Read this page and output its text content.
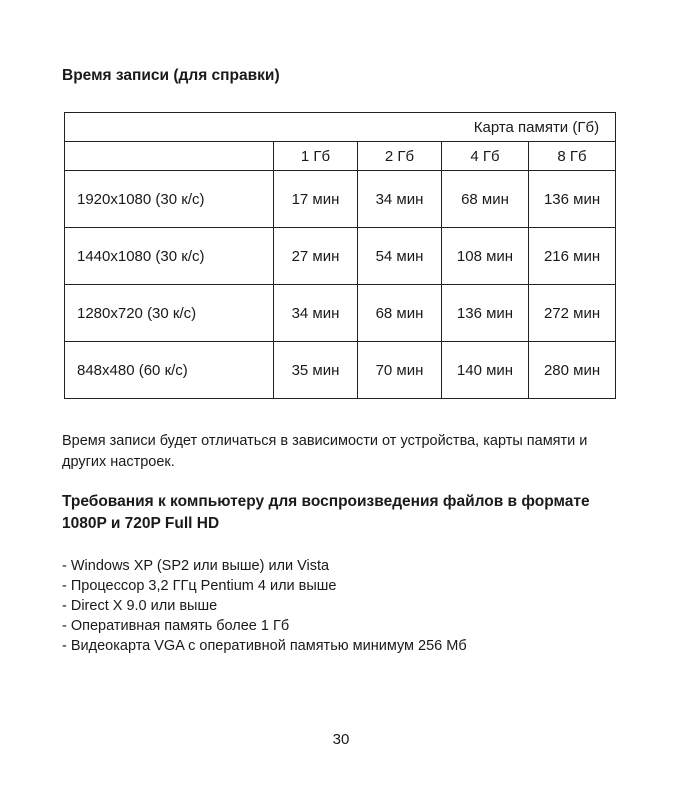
Время записи (для справки)
Карта памяти (Гб)				
	1 Гб	2 Гб	4 Гб	8 Гб
1920x1080 (30 к/с)	17 мин	34 мин	68 мин	136 мин
1440x1080 (30 к/с)	27 мин	54 мин	108 мин	216 мин
1280x720 (30 к/с)	34 мин	68 мин	136 мин	272 мин
848x480 (60 к/с)	35 мин	70 мин	140 мин	280 мин
Время записи будет отличаться в зависимости от устройства, карты памяти и других настроек.
Требования к компьютеру для воспроизведения файлов в формате 1080P и 720P Full HD
- Windows XP (SP2 или выше) или Vista
- Процессор 3,2 ГГц Pentium 4 или выше
- Direct X 9.0 или выше
- Оперативная память более 1 Гб
- Видеокарта VGA с оперативной памятью минимум 256 Мб
30
